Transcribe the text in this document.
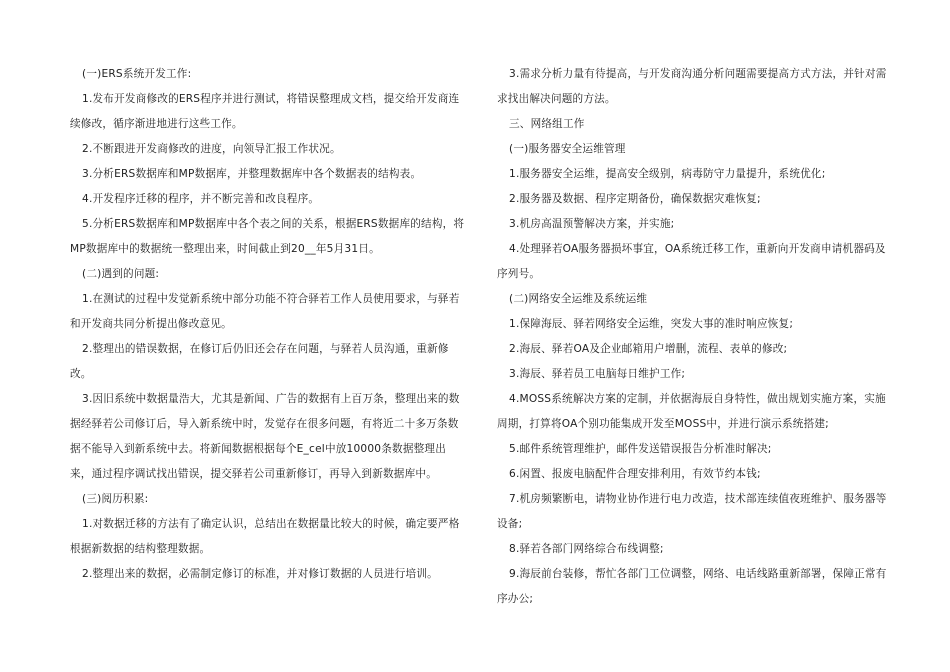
(一)ERS系统开发工作:

1.发布开发商修改的ERS程序并进行测试，将错误整理成文档，提交给开发商连续修改，循序渐进地进行这些工作。

2.不断跟进开发商修改的进度，向领导汇报工作状况。

3.分析ERS数据库和MP数据库，并整理数据库中各个数据表的结构表。

4.开发程序迁移的程序，并不断完善和改良程序。

5.分析ERS数据库和MP数据库中各个表之间的关系，根据ERS数据库的结构，将MP数据库中的数据统一整理出来，时间截止到20__年5月31日。

(二)遇到的问题:

1.在测试的过程中发觉新系统中部分功能不符合驿若工作人员使用要求，与驿若和开发商共同分析提出修改意见。

2.整理出的错误数据，在修订后仍旧还会存在问题，与驿若人员沟通，重新修改。

3.因旧系统中数据量浩大，尤其是新闻、广告的数据有上百万条，整理出来的数据经驿若公司修订后，导入新系统中时，发觉存在很多问题，有将近二十多万条数据不能导入到新系统中去。将新闻数据根据每个E_cel中放10000条数据整理出来，通过程序调试找出错误，提交驿若公司重新修订，再导入到新数据库中。

(三)阅历积累:

1.对数据迁移的方法有了确定认识，总结出在数据量比较大的时候，确定要严格根据新数据的结构整理数据。

2.整理出来的数据，必需制定修订的标准，并对修订数据的人员进行培训。

3.需求分析力量有待提高，与开发商沟通分析问题需要提高方式方法，并针对需求找出解决问题的方法。

三、网络组工作

(一)服务器安全运维管理

1.服务器安全运维，提高安全级别，病毒防守力量提升，系统优化;

2.服务器及数据、程序定期备份，确保数据灾难恢复;

3.机房高温预警解决方案，并实施;

4.处理驿若OA服务器损坏事宜，OA系统迁移工作，重新向开发商申请机器码及序列号。

(二)网络安全运维及系统运维

1.保障海辰、驿若网络安全运维，突发大事的准时响应恢复;

2.海辰、驿若OA及企业邮箱用户增删，流程、表单的修改;

3.海辰、驿若员工电脑每日维护工作;

4.MOSS系统解决方案的定制，并依据海辰自身特性，做出规划实施方案，实施周期，打算将OA个别功能集成开发至MOSS中，并进行演示系统搭建;

5.邮件系统管理维护，邮件发送错误报告分析准时解决;

6.闲置、报废电脑配件合理安排利用，有效节约本钱;

7.机房频繁断电，请物业协作进行电力改造，技术部连续值夜班维护、服务器等设备;

8.驿若各部门网络综合布线调整;

9.海辰前台装修，帮忙各部门工位调整，网络、电话线路重新部署，保障正常有序办公;
